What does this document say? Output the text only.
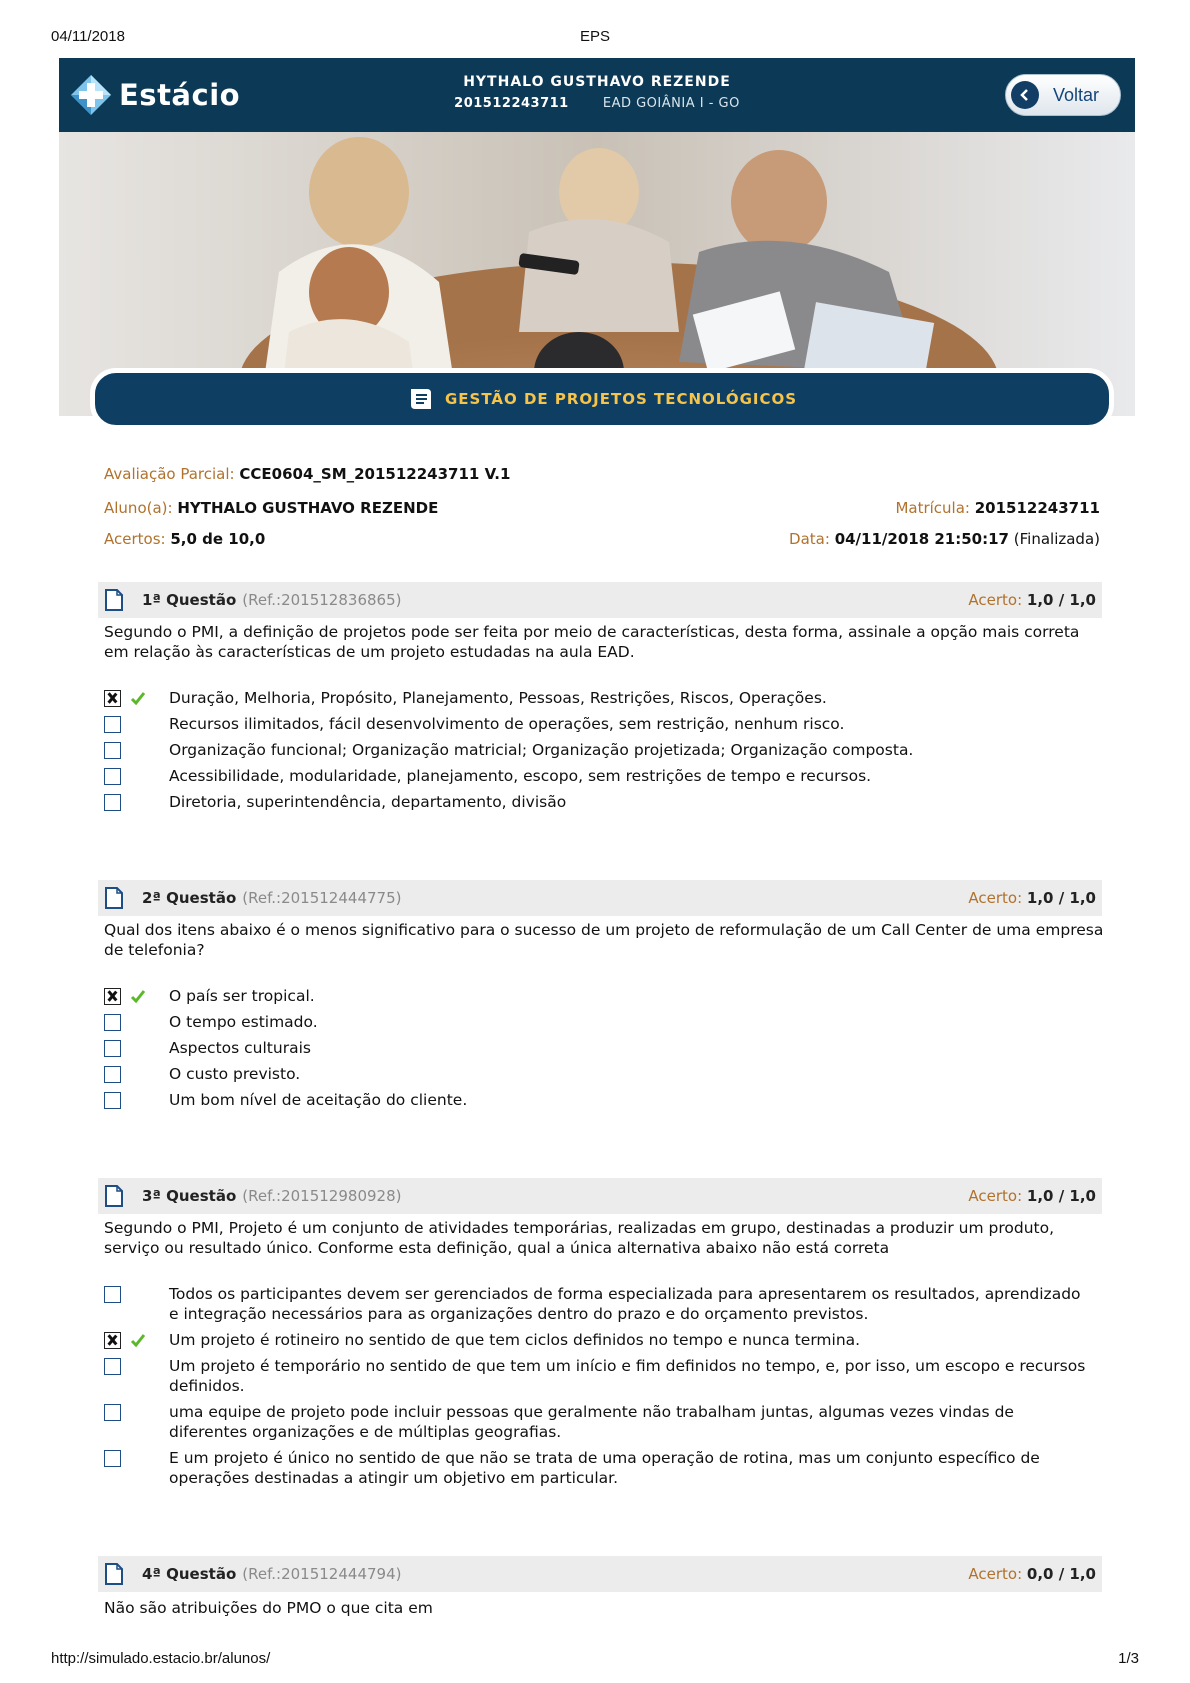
04/11/2018	EPS
Estácio	HYTHALO GUSTHAVO REZENDE
201512243711	EAD GOIÂNIA I - GO	Voltar
GESTÃO DE PROJETOS TECNOLÓGICOS
Avaliação Parcial: CCE0604_SM_201512243711 V.1
Aluno(a): HYTHALO GUSTHAVO REZENDE	Matrícula: 201512243711
Acertos: 5,0 de 10,0	Data: 04/11/2018 21:50:17 (Finalizada)
1ª Questão (Ref.:201512836865)	Acerto: 1,0 / 1,0
Segundo o PMI, a definição de projetos pode ser feita por meio de características, desta forma, assinale a opção mais correta em relação às características de um projeto estudadas na aula EAD.
Duração, Melhoria, Propósito, Planejamento, Pessoas, Restrições, Riscos, Operações.
Recursos ilimitados, fácil desenvolvimento de operações, sem restrição, nenhum risco.
Organização funcional; Organização matricial; Organização projetizada; Organização composta.
Acessibilidade, modularidade, planejamento, escopo, sem restrições de tempo e recursos.
Diretoria, superintendência, departamento, divisão
2ª Questão (Ref.:201512444775)	Acerto: 1,0 / 1,0
Qual dos itens abaixo é o menos significativo para o sucesso de um projeto de reformulação de um Call Center de uma empresa de telefonia?
O país ser tropical.
O tempo estimado.
Aspectos culturais
O custo previsto.
Um bom nível de aceitação do cliente.
3ª Questão (Ref.:201512980928)	Acerto: 1,0 / 1,0
Segundo o PMI, Projeto é um conjunto de atividades temporárias, realizadas em grupo, destinadas a produzir um produto, serviço ou resultado único. Conforme esta definição, qual a única alternativa abaixo não está correta
Todos os participantes devem ser gerenciados de forma especializada para apresentarem os resultados, aprendizado e integração necessários para as organizações dentro do prazo e do orçamento previstos.
Um projeto é rotineiro no sentido de que tem ciclos definidos no tempo e nunca termina.
Um projeto é temporário no sentido de que tem um início e fim definidos no tempo, e, por isso, um escopo e recursos definidos.
uma equipe de projeto pode incluir pessoas que geralmente não trabalham juntas, algumas vezes vindas de diferentes organizações e de múltiplas geografias.
E um projeto é único no sentido de que não se trata de uma operação de rotina, mas um conjunto específico de operações destinadas a atingir um objetivo em particular.
4ª Questão (Ref.:201512444794)	Acerto: 0,0 / 1,0
Não são atribuições do PMO o que cita em
http://simulado.estacio.br/alunos/	1/3
